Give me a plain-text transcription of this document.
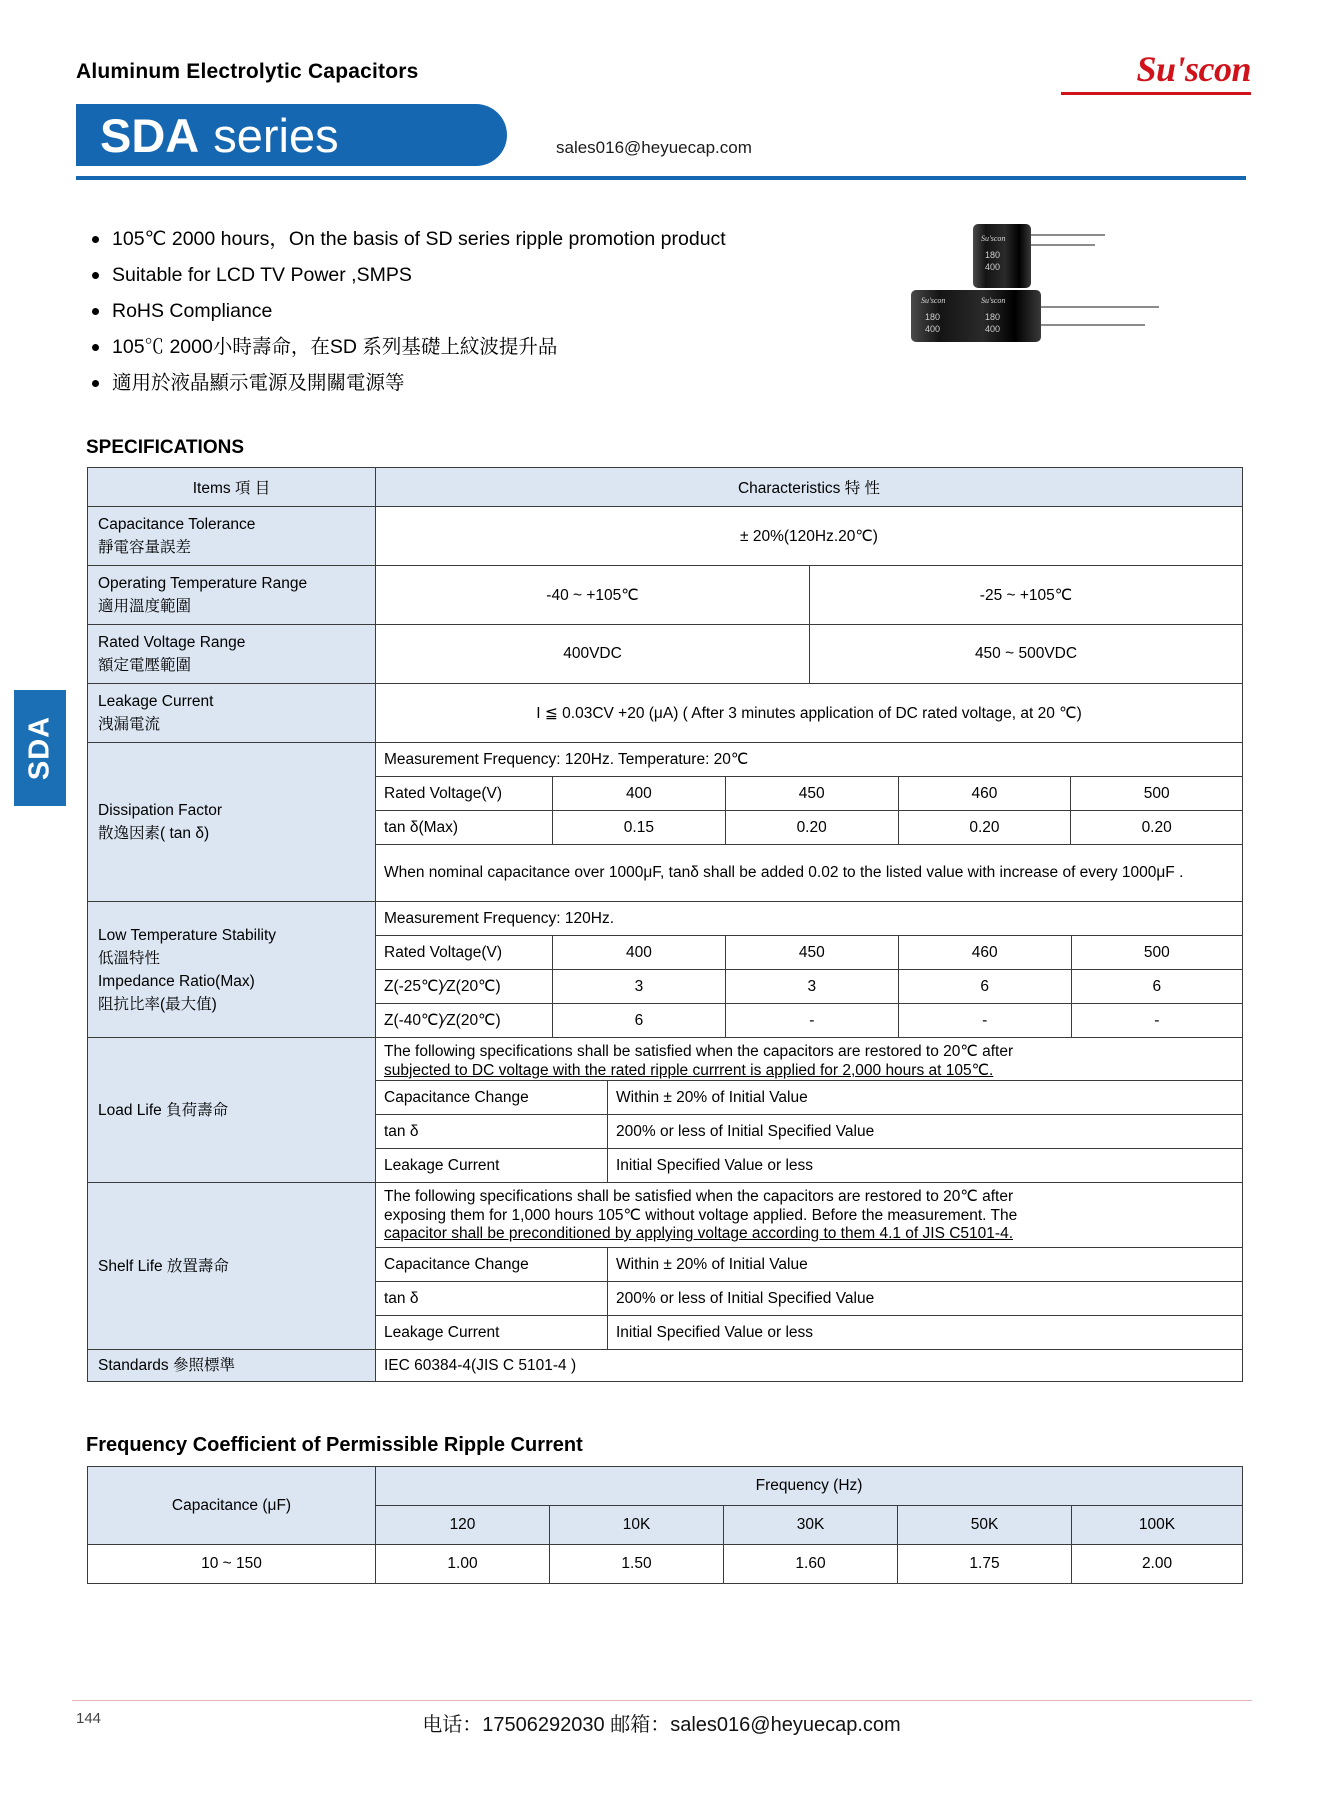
Aluminum Electrolytic Capacitors	Su'scon
SDA series	sales016@heyuecap.com
105℃ 2000 hours，On the basis of SD series ripple promotion product
Suitable for LCD TV Power ,SMPS
RoHS Compliance
105℃ 2000小時壽命，在SD 系列基礎上紋波提升品
適用於液晶顯示電源及開關電源等
Su'scon
180
400
Su'scon	Su'scon
180
400
180
400
SDA
SPECIFICATIONS
Items 項 目	Characteristics 特 性

Capacitance Tolerance
靜電容量誤差
	± 20%(120Hz.20℃)

Operating Temperature Range
適用溫度範圍
	-40 ~ +105℃	-25 ~ +105℃

Rated Voltage Range
額定電壓範圍
	400VDC	450 ~ 500VDC

Leakage Current
洩漏電流
	I ≦ 0.03CV +20 (μA) ( After 3 minutes application of DC rated voltage, at 20 ℃)

Dissipation Factor
散逸因素( tan δ)

Measurement Frequency: 120Hz. Temperature: 20℃
Rated Voltage(V)	400	450	460	500
tan δ(Max)	0.15	0.20	0.20	0.20
When nominal capacitance over 1000μF, tanδ shall be added 0.02 to the listed value with increase of every 1000μF .

Low Temperature Stability
低溫特性
Impedance Ratio(Max)
阻抗比率(最大值)

Measurement Frequency: 120Hz.
Rated Voltage(V)	400	450	460	500
Z(-25℃)∕Z(20℃)	3	3	6	6
Z(-40℃)∕Z(20℃)	6	-	-	-

Load Life 負荷壽命	
The following specifications shall be satisfied when the capacitors are restored to 20℃ after
subjected to DC voltage with the rated ripple currrent is applied for 2,000 hours at 105℃.

Capacitance Change	Within ± 20% of Initial Value
tan δ	200% or less of Initial Specified Value
Leakage Current	Initial Specified Value or less

Shelf Life 放置壽命	
The following specifications shall be satisfied when the capacitors are restored to 20℃ after
exposing them for 1,000 hours 105℃ without voltage applied. Before the measurement. The
capacitor shall be preconditioned by applying voltage according to them 4.1 of JIS C5101-4.

Capacitance Change	Within ± 20% of Initial Value
tan δ	200% or less of Initial Specified Value
Leakage Current	Initial Specified Value or less

Standards 參照標準	IEC 60384-4(JIS C 5101-4 )
Frequency Coefficient of Permissible Ripple Current
Capacitance (μF)	Frequency (Hz)				
	120	10K	30K	50K	100K
10 ~ 150	1.00	1.50	1.60	1.75	2.00
144	电话：17506292030 邮箱：sales016@heyuecap.com
